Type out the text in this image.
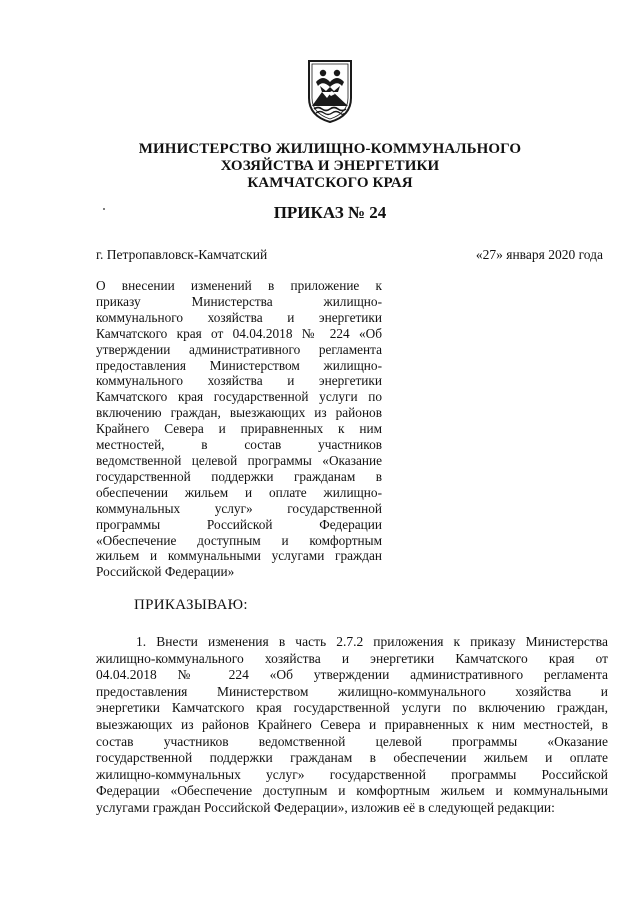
МИНИСТЕРСТВО ЖИЛИЩНО-КОММУНАЛЬНОГО
ХОЗЯЙСТВА И ЭНЕРГЕТИКИ
КАМЧАТСКОГО КРАЯ
ПРИКАЗ № 24
г. Петропавловск-Камчатский	«27» января 2020 года
О внесении изменений в приложение к
приказу Министерства жилищно-
коммунального хозяйства и энергетики
Камчатского края от 04.04.2018 № 224 «Об
утверждении административного регламента
предоставления Министерством жилищно-
коммунального хозяйства и энергетики
Камчатского края государственной услуги по
включению граждан, выезжающих из районов
Крайнего Севера и приравненных к ним
местностей, в состав участников
ведомственной целевой программы «Оказание
государственной поддержки гражданам в
обеспечении жильем и оплате жилищно-
коммунальных услуг» государственной
программы Российской Федерации
«Обеспечение доступным и комфортным
жильем и коммунальными услугами граждан
Российской Федерации»
ПРИКАЗЫВАЮ:
1. Внести изменения в часть 2.7.2 приложения к приказу Министерства
жилищно-коммунального хозяйства и энергетики Камчатского края от
04.04.2018 № 224 «Об утверждении административного регламента
предоставления Министерством жилищно-коммунального хозяйства и
энергетики Камчатского края государственной услуги по включению граждан,
выезжающих из районов Крайнего Севера и приравненных к ним местностей, в
состав участников ведомственной целевой программы «Оказание
государственной поддержки гражданам в обеспечении жильем и оплате
жилищно-коммунальных услуг» государственной программы Российской
Федерации «Обеспечение доступным и комфортным жильем и коммунальными
услугами граждан Российской Федерации», изложив её в следующей редакции:
